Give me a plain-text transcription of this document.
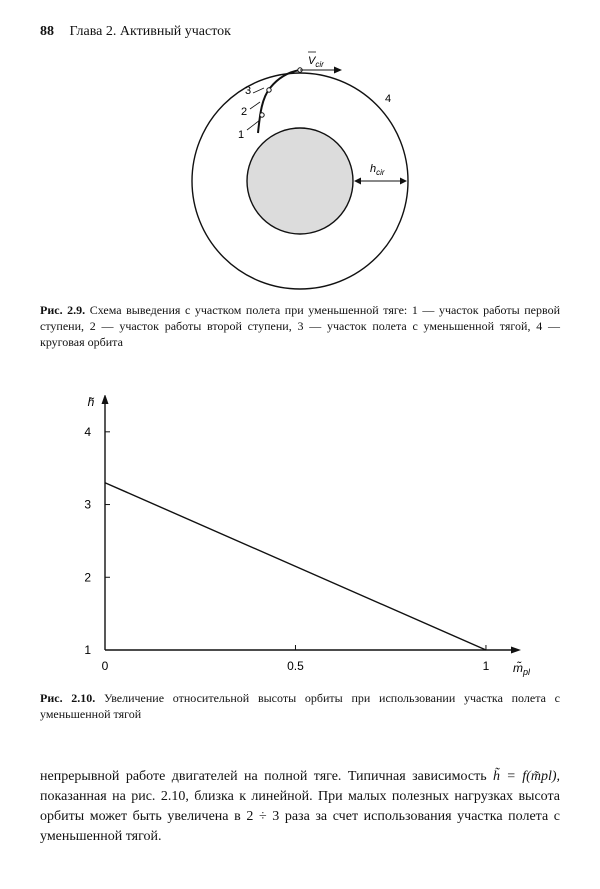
88 Глава 2. Активный участок
1
2
3
4
$V_{cir}$
$h_{cir}$
Рис. 2.9. Схема выведения с участком полета при уменьшенной тяге: 1 — участок работы первой ступени, 2 — участок работы второй ступени, 3 — участок полета с уменьшенной тягой, 4 — круговая орбита
1
2
3
4
0	0.5	1
h̃
$m̃_{pl}$
Рис. 2.10. Увеличение относительной высоты орбиты при использовании участка полета с уменьшенной тягой
непрерывной работе двигателей на полной тяге. Типичная зависимость h̃ = f(m̃pl), показанная на рис. 2.10, близка к линейной. При малых полезных нагрузках высота орбиты может быть увеличена в 2 ÷ 3 раза за счет использования участка полета с уменьшенной тягой.
